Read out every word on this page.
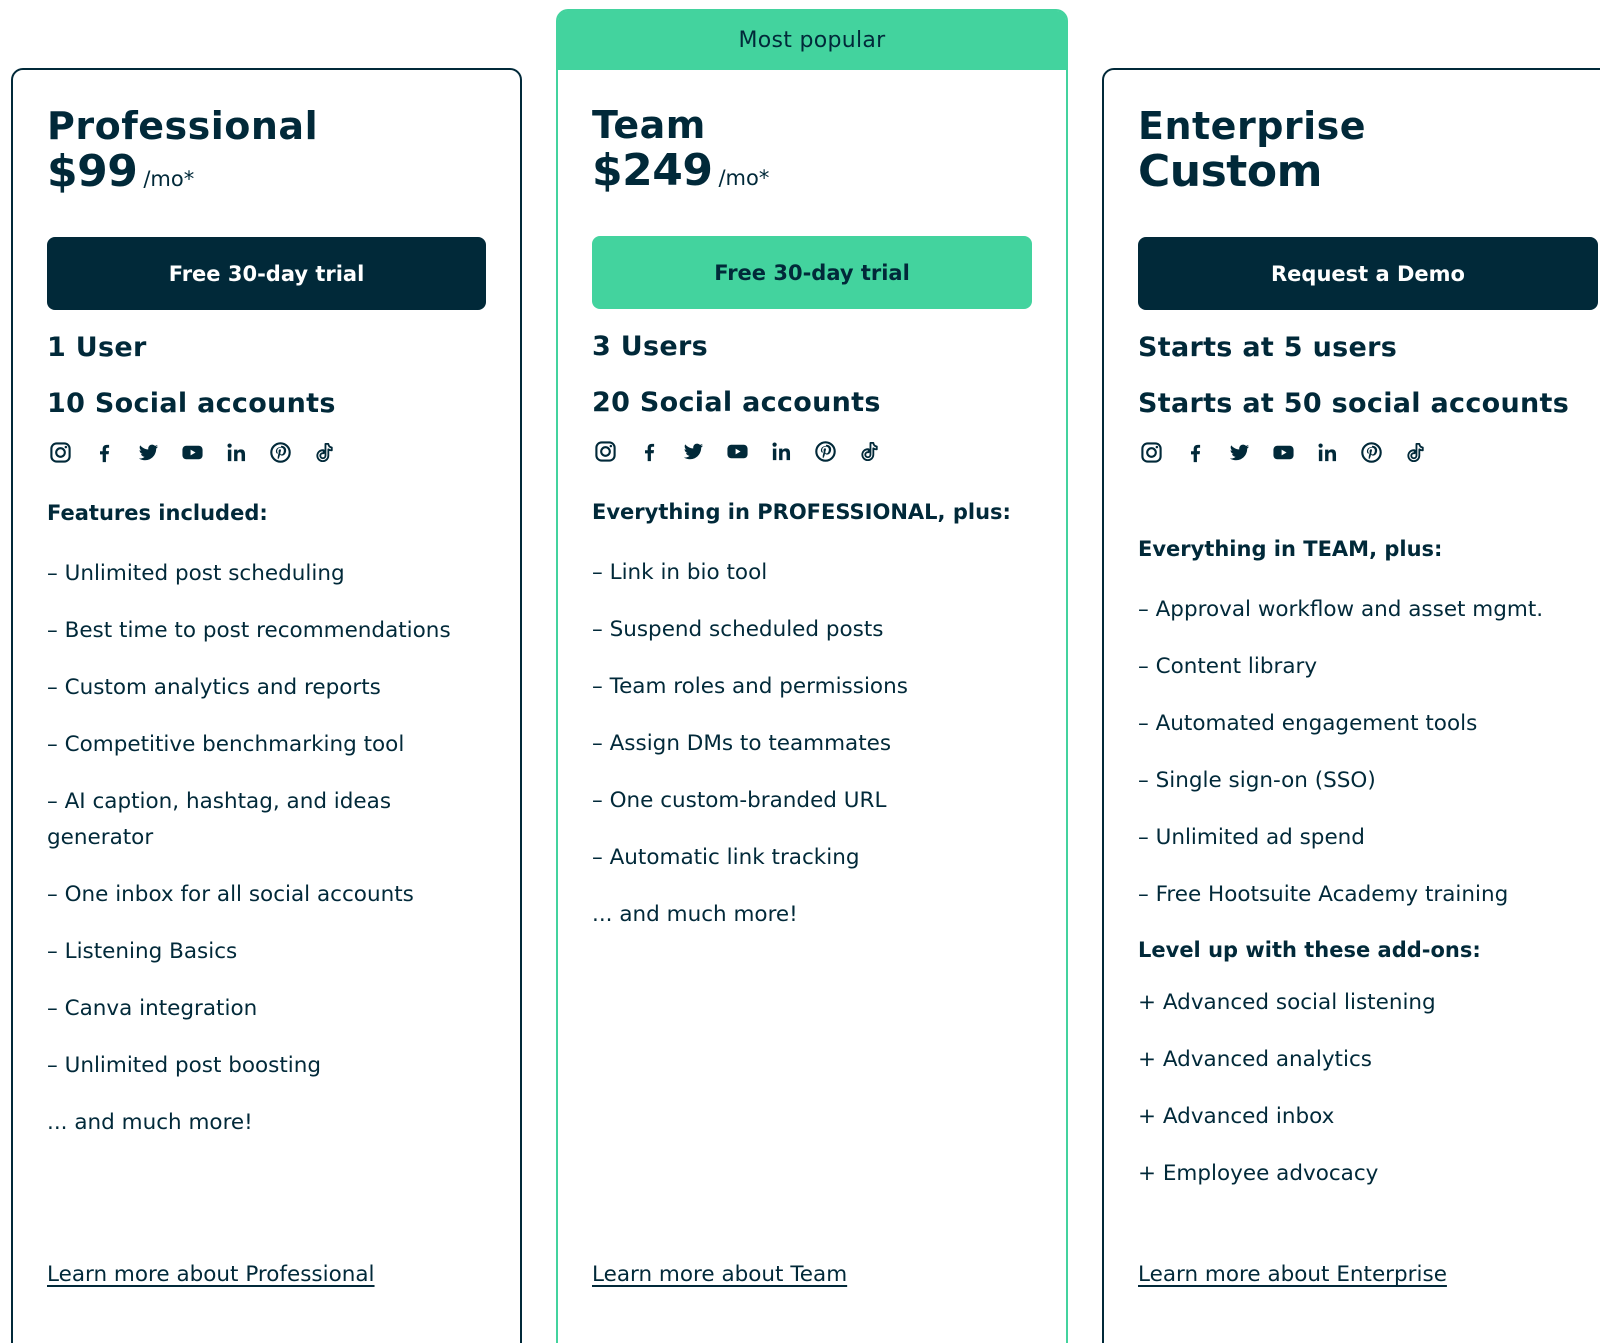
Professional
$99 /mo*
Free 30-day trial
1 User
10 Social accounts
Features included:
– Unlimited post scheduling
– Best time to post recommendations
– Custom analytics and reports
– Competitive benchmarking tool
– AI caption, hashtag, and ideas generator
– One inbox for all social accounts
– Listening Basics
– Canva integration
– Unlimited post boosting
... and much more!
Learn more about Professional
Most popular
Team
$249 /mo*
Free 30-day trial
3 Users
20 Social accounts
Everything in PROFESSIONAL, plus:
– Link in bio tool
– Suspend scheduled posts
– Team roles and permissions
– Assign DMs to teammates
– One custom-branded URL
– Automatic link tracking
... and much more!
Learn more about Team
Enterprise
Custom
Request a Demo
Starts at 5 users
Starts at 50 social accounts
Everything in TEAM, plus:
– Approval workflow and asset mgmt.
– Content library
– Automated engagement tools
– Single sign-on (SSO)
– Unlimited ad spend
– Free Hootsuite Academy training
Level up with these add-ons:
+ Advanced social listening
+ Advanced analytics
+ Advanced inbox
+ Employee advocacy
Learn more about Enterprise
